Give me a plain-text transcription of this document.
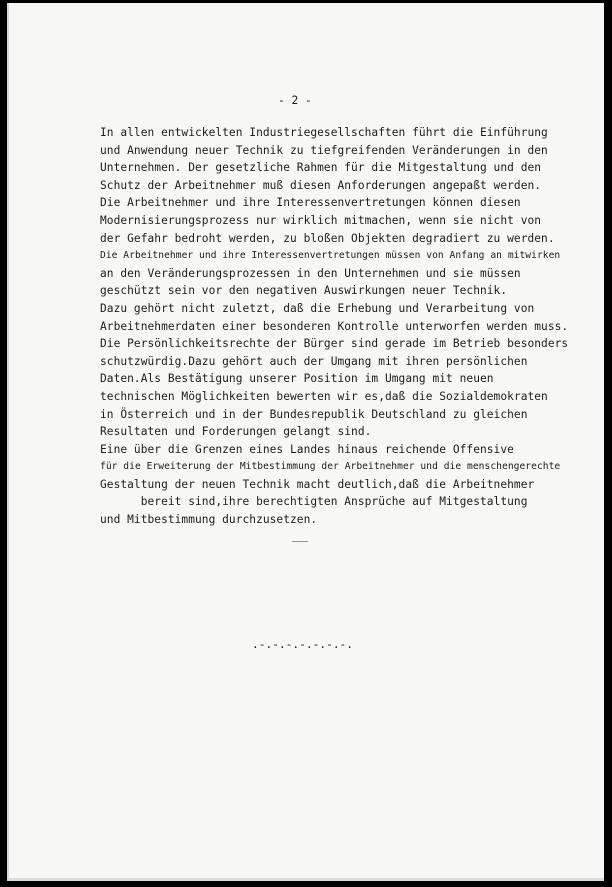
- 2 -
In allen entwickelten Industriegesellschaften führt die Einführung
und Anwendung neuer Technik zu tiefgreifenden Veränderungen in den
Unternehmen. Der gesetzliche Rahmen für die Mitgestaltung und den
Schutz der Arbeitnehmer muß diesen Anforderungen angepaßt werden.
Die Arbeitnehmer und ihre Interessenvertretungen können diesen
Modernisierungsprozess nur wirklich mitmachen, wenn sie nicht von
der Gefahr bedroht werden, zu bloßen Objekten degradiert zu werden.
Die Arbeitnehmer und ihre Interessenvertretungen müssen von Anfang an mitwirken
an den Veränderungsprozessen in den Unternehmen und sie müssen
geschützt sein vor den negativen Auswirkungen neuer Technik.
Dazu gehört nicht zuletzt, daß die Erhebung und Verarbeitung von
Arbeitnehmerdaten einer besonderen Kontrolle unterworfen werden muss.
Die Persönlichkeitsrechte der Bürger sind gerade im Betrieb besonders
schutzwürdig.Dazu gehört auch der Umgang mit ihren persönlichen
Daten.Als Bestätigung unserer Position im Umgang mit neuen
technischen Möglichkeiten bewerten wir es,daß die Sozialdemokraten
in Österreich und in der Bundesrepublik Deutschland zu gleichen
Resultaten und Forderungen gelangt sind.
Eine über die Grenzen eines Landes hinaus reichende Offensive
für die Erweiterung der Mitbestimmung der Arbeitnehmer und die menschengerechte
Gestaltung der neuen Technik macht deutlich,daß die Arbeitnehmer
bereit sind,ihre berechtigten Ansprüche auf Mitgestaltung
und Mitbestimmung durchzusetzen.
.-.-.-.-.-.-.-.
